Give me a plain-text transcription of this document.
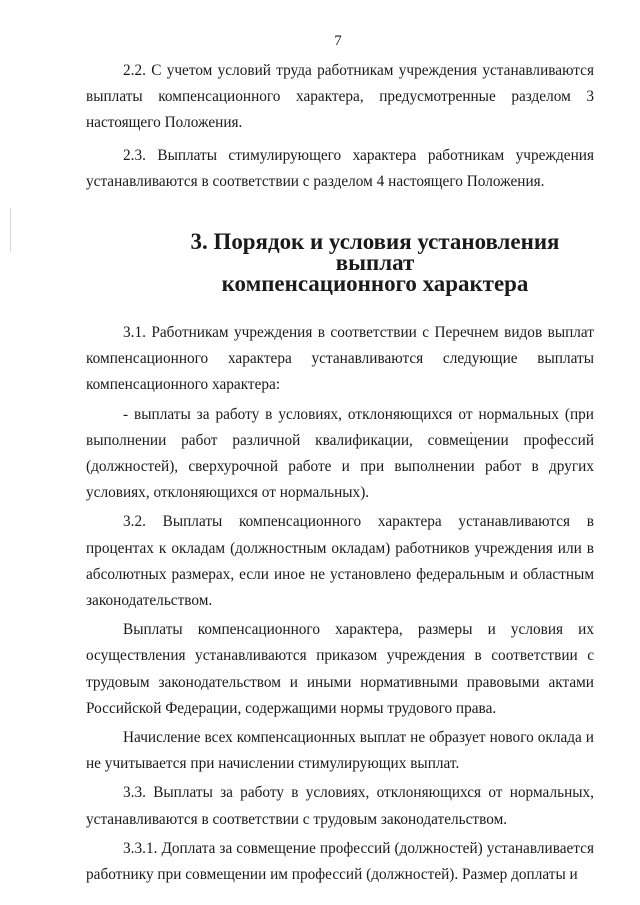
7

2.2. С учетом условий труда работникам учреждения устанавливаются выплаты компенсационного характера, предусмотренные разделом 3 настоящего Положения.

2.3. Выплаты стимулирующего характера работникам учреждения устанавливаются в соответствии с разделом 4 настоящего Положения.

3. Порядок и условия установления выплат
компенсационного характера

3.1. Работникам учреждения в соответствии с Перечнем видов выплат компенсационного характера устанавливаются следующие выплаты компенсационного характера:

- выплаты за работу в условиях, отклоняющихся от нормальных (при выполнении работ различной квалификации, совмещении профессий (должностей), сверхурочной работе и при выполнении работ в других условиях, отклоняющихся от нормальных).

3.2. Выплаты компенсационного характера устанавливаются в процентах к окладам (должностным окладам) работников учреждения или в абсолютных размерах, если иное не установлено федеральным и областным законодательством.

Выплаты компенсационного характера, размеры и условия их осуществления устанавливаются приказом учреждения в соответствии с трудовым законодательством и иными нормативными правовыми актами Российской Федерации, содержащими нормы трудового права.

Начисление всех компенсационных выплат не образует нового оклада и не учитывается при начислении стимулирующих выплат.

3.3. Выплаты за работу в условиях, отклоняющихся от нормальных, устанавливаются в соответствии с трудовым законодательством.

3.3.1. Доплата за совмещение профессий (должностей) устанавливается работнику при совмещении им профессий (должностей). Размер доплаты и
